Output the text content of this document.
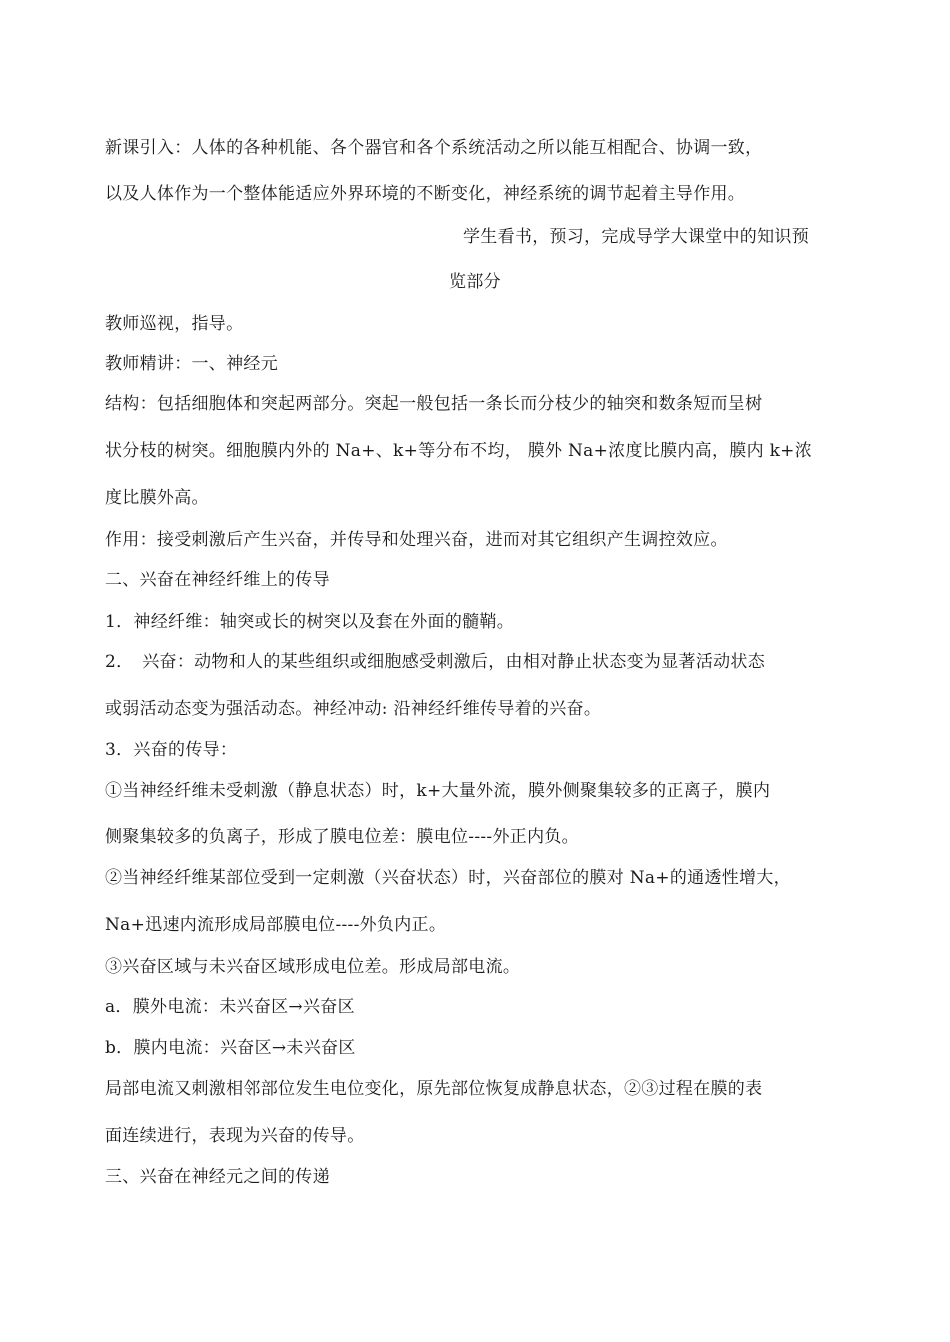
新课引入：人体的各种机能、各个器官和各个系统活动之所以能互相配合、协调一致，
以及人体作为一个整体能适应外界环境的不断变化，神经系统的调节起着主导作用。
学生看书，预习，完成导学大课堂中的知识预
览部分
教师巡视，指导。
教师精讲：一、神经元
结构：包括细胞体和突起两部分。突起一般包括一条长而分枝少的轴突和数条短而呈树
状分枝的树突。细胞膜内外的 Na+、k+等分布不均， 膜外 Na+浓度比膜内高，膜内 k+浓
度比膜外高。
作用：接受刺激后产生兴奋，并传导和处理兴奋，进而对其它组织产生调控效应。
二、兴奋在神经纤维上的传导
1．神经纤维：轴突或长的树突以及套在外面的髓鞘。
2．　兴奋：动物和人的某些组织或细胞感受刺激后，由相对静止状态变为显著活动状态
或弱活动态变为强活动态。神经冲动: 沿神经纤维传导着的兴奋。
3．兴奋的传导：
①当神经纤维未受刺激（静息状态）时，k+大量外流，膜外侧聚集较多的正离子，膜内
侧聚集较多的负离子，形成了膜电位差：膜电位----外正内负。
②当神经纤维某部位受到一定刺激（兴奋状态）时，兴奋部位的膜对 Na+的通透性增大，
Na+迅速内流形成局部膜电位----外负内正。
③兴奋区域与未兴奋区域形成电位差。形成局部电流。
a．膜外电流：未兴奋区→兴奋区
b．膜内电流：兴奋区→未兴奋区
局部电流又刺激相邻部位发生电位变化，原先部位恢复成静息状态，②③过程在膜的表
面连续进行，表现为兴奋的传导。
三、兴奋在神经元之间的传递
